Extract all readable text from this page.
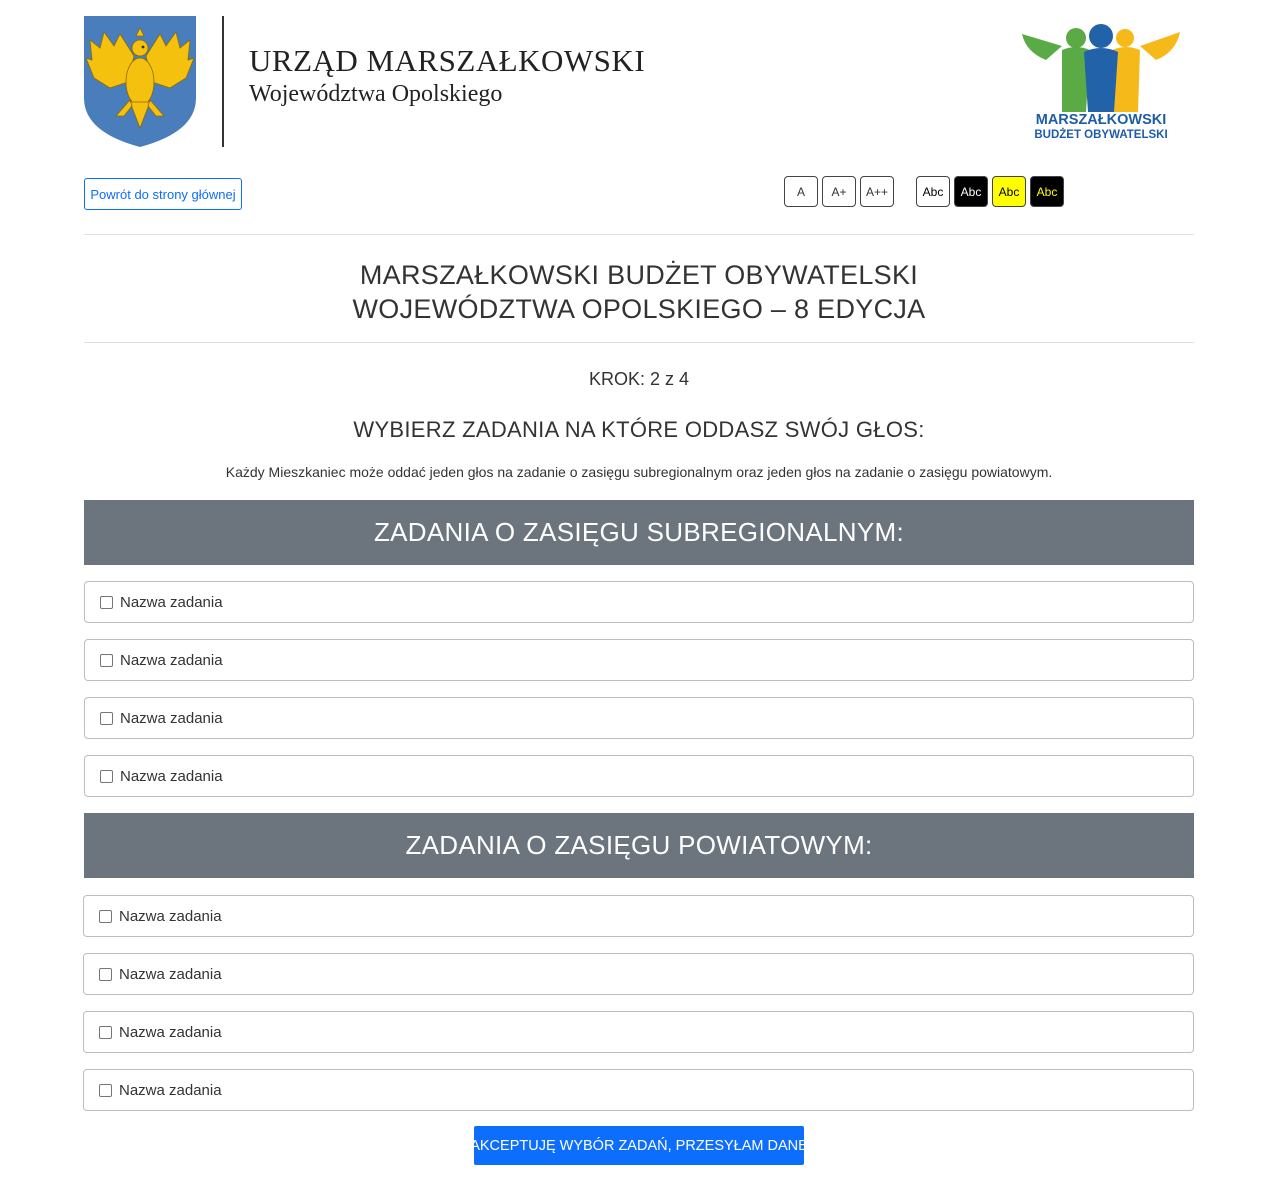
URZĄD MARSZAŁKOWSKI
Województwa Opolskiego
MARSZAŁKOWSKI
BUDŻET OBYWATELSKI
Powrót do strony głównej	A	A+	A++	Abc	Abc	Abc	Abc
MARSZAŁKOWSKI BUDŻET OBYWATELSKI
WOJEWÓDZTWA OPOLSKIEGO – 8 EDYCJA
KROK: 2 z 4
WYBIERZ ZADANIA NA KTÓRE ODDASZ SWÓJ GŁOS:
Każdy Mieszkaniec może oddać jeden głos na zadanie o zasięgu subregionalnym oraz jeden głos na zadanie o zasięgu powiatowym.
ZADANIA O ZASIĘGU SUBREGIONALNYM:
Nazwa zadania
Nazwa zadania
Nazwa zadania
Nazwa zadania
ZADANIA O ZASIĘGU POWIATOWYM:
Nazwa zadania
Nazwa zadania
Nazwa zadania
Nazwa zadania
AKCEPTUJĘ WYBÓR ZADAŃ, PRZESYŁAM DANE
